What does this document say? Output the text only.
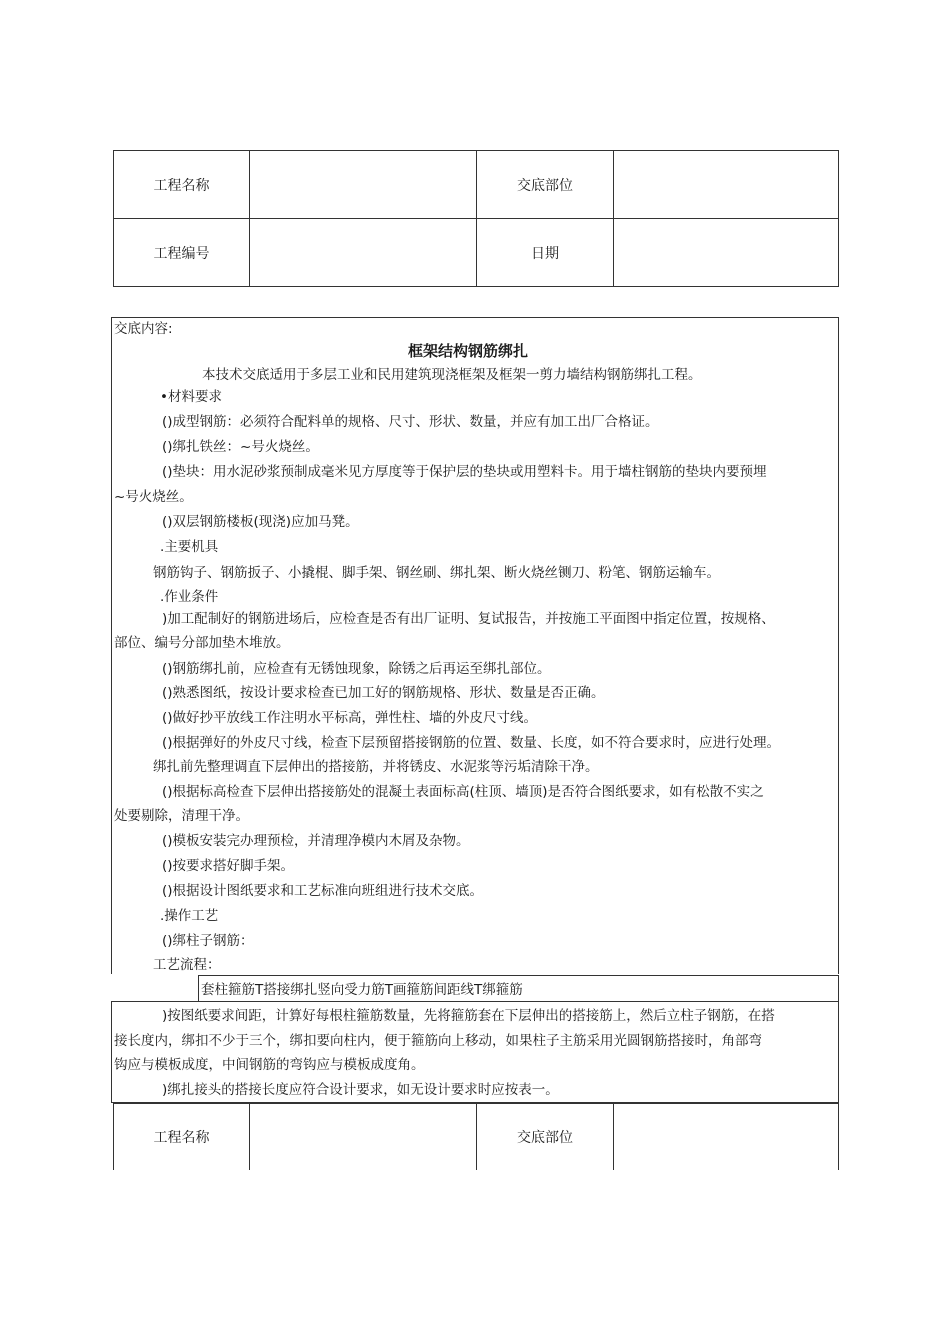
工程名称		交底部位	
工程编号		日期	
交底内容:
框架结构钢筋绑扎
本技术交底适用于多层工业和民用建筑现浇框架及框架一剪力墙结构钢筋绑扎工程。
•材料要求
()成型钢筋：必须符合配料单的规格、尺寸、形状、数量，并应有加工出厂合格证。
()绑扎铁丝：~号火烧丝。
()垫块：用水泥砂浆预制成毫米见方厚度等于保护层的垫块或用塑料卡。用于墙柱钢筋的垫块内要预埋
~号火烧丝。
()双层钢筋楼板(现浇)应加马凳。
.主要机具
钢筋钩子、钢筋扳子、小撬棍、脚手架、钢丝刷、绑扎架、断火烧丝铡刀、粉笔、钢筋运输车。
.作业条件
)加工配制好的钢筋进场后，应检查是否有出厂证明、复试报告，并按施工平面图中指定位置，按规格、
部位、编号分部加垫木堆放。
()钢筋绑扎前，应检查有无锈蚀现象，除锈之后再运至绑扎部位。
()熟悉图纸，按设计要求检查已加工好的钢筋规格、形状、数量是否正确。
()做好抄平放线工作注明水平标高，弹性柱、墙的外皮尺寸线。
()根据弹好的外皮尺寸线，检查下层预留搭接钢筋的位置、数量、长度，如不符合要求时，应进行处理。
绑扎前先整理调直下层伸出的搭接筋，并将锈皮、水泥浆等污垢清除干净。
()根据标高检查下层伸出搭接筋处的混凝土表面标高(柱顶、墙顶)是否符合图纸要求，如有松散不实之
处要剔除，清理干净。
()模板安装完办理预检，并清理净模内木屑及杂物。
()按要求搭好脚手架。
()根据设计图纸要求和工艺标准向班组进行技术交底。
.操作工艺
()绑柱子钢筋：
工艺流程：
套柱箍筋T搭接绑扎竖向受力筋T画箍筋间距线T绑箍筋
)按图纸要求间距，计算好每根柱箍筋数量，先将箍筋套在下层伸出的搭接筋上，然后立柱子钢筋，在搭
接长度内，绑扣不少于三个，绑扣要向柱内，便于箍筋向上移动，如果柱子主筋采用光圆钢筋搭接时，角部弯
钩应与模板成度，中间钢筋的弯钩应与模板成度角。
)绑扎接头的搭接长度应符合设计要求，如无设计要求时应按表一。
工程名称		交底部位	
